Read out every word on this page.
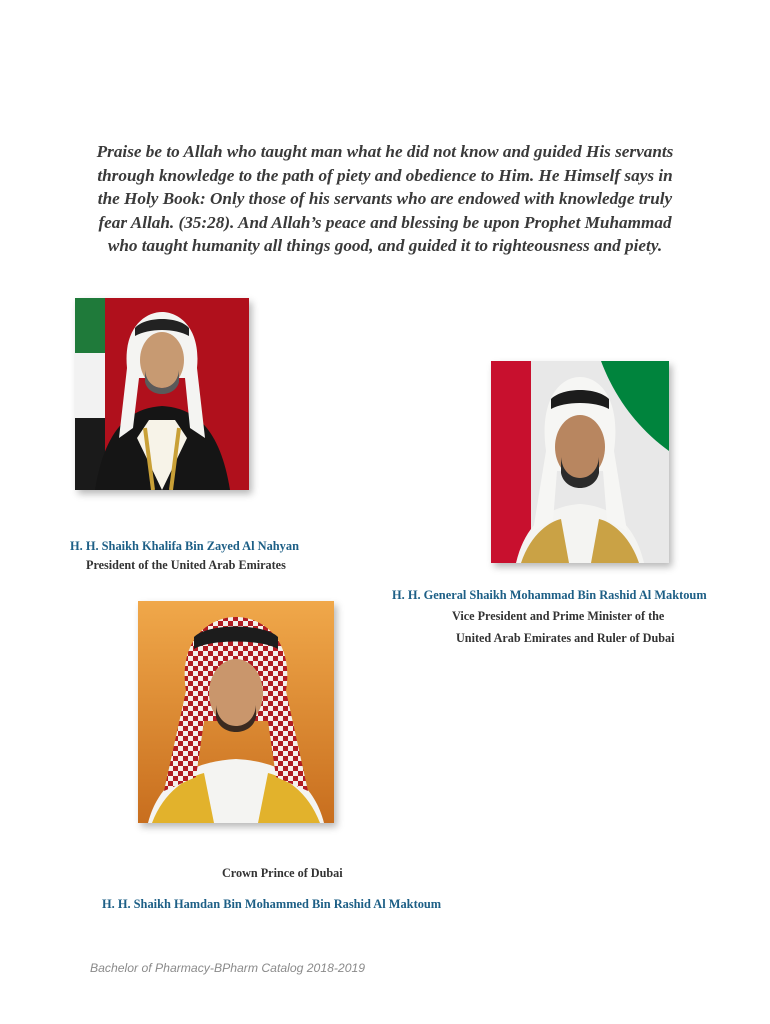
Praise be to Allah who taught man what he did not know and guided His servants
through knowledge to the path of piety and obedience to Him. He Himself says in
the Holy Book: Only those of his servants who are endowed with knowledge truly
fear Allah. (35:28). And Allah’s peace and blessing be upon Prophet Muhammad
who taught humanity all things good, and guided it to righteousness and piety.
H. H. Shaikh Khalifa Bin Zayed Al Nahyan
President of the United Arab Emirates
H. H. General Shaikh Mohammad Bin Rashid Al Maktoum
Vice President and Prime Minister of the
United Arab Emirates and Ruler of Dubai
Crown Prince of Dubai
H. H. Shaikh Hamdan Bin Mohammed Bin Rashid Al Maktoum
Bachelor of Pharmacy-BPharm Catalog 2018-2019
